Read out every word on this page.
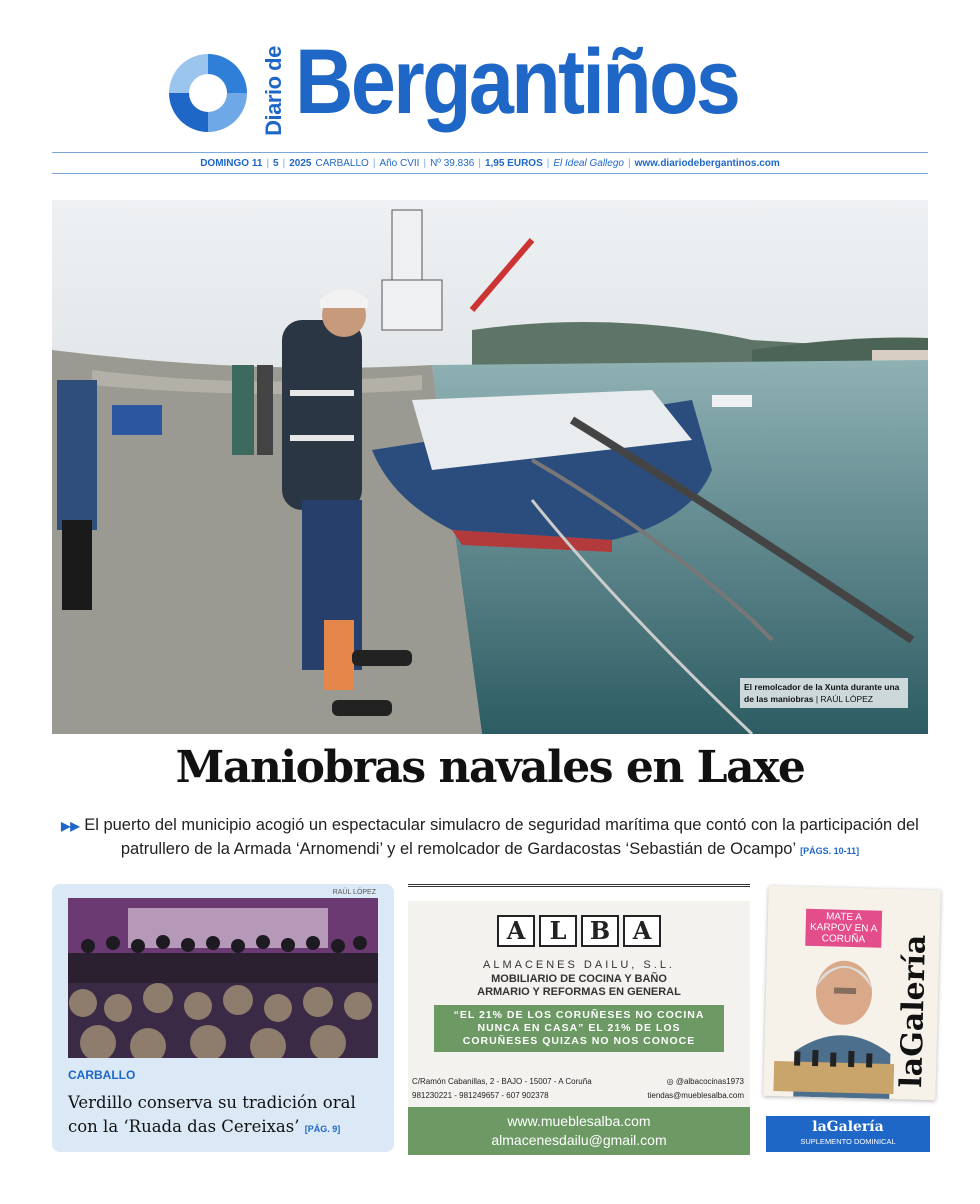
Diario de Bergantiños
DOMINGO 11 | 5 | 2025 CARBALLO | Año CVII | Nº 39.836 | 1,95 EUROS | El Ideal Gallego | www.diariodebergantinos.com
El remolcador de la Xunta durante una de las maniobras | RAÚL LÓPEZ
Maniobras navales en Laxe

▶▶ El puerto del municipio acogió un espectacular simulacro de seguridad marítima que contó con la participación del patrullero de la Armada ‘Arnomendi’ y el remolcador de Gardacostas ‘Sebastián de Ocampo’ [PÁGS. 10-11]

RAÚL LÓPEZ
CARBALLO
Verdillo conserva su tradición oral con la ‘Ruada das Cereixas’ [PÁG. 9]
A	L B A
ALMACENES DAILU, S.L.
MOBILIARIO DE COCINA Y BAÑO
ARMARIO Y REFORMAS EN GENERAL
“EL 21% DE LOS CORUÑESES NO COCINA NUNCA EN CASA” EL 21% DE LOS CORUÑESES QUIZAS NO NOS CONOCE
C/Ramón Cabanillas, 2 - BAJO - 15007 - A Coruña
981230221 - 981249657 - 607 902378
◎ @albacocinas1973
tiendas@mueblesalba.com
www.mueblesalba.com
almacenesdailu@gmail.com
MATE A KARPOV EN A CORUÑA laGalería
laGalería
SUPLEMENTO DOMINICAL
